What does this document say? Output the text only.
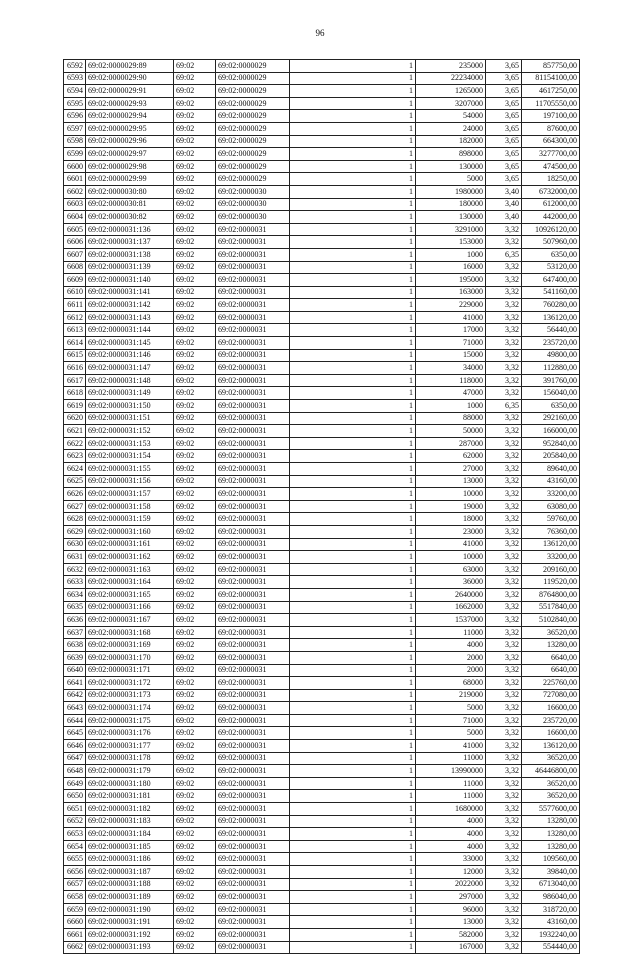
96
6592	69:02:0000029:89	69:02	69:02:0000029	1	235000	3,65	857750,00
6593	69:02:0000029:90	69:02	69:02:0000029	1	22234000	3,65	81154100,00
6594	69:02:0000029:91	69:02	69:02:0000029	1	1265000	3,65	4617250,00
6595	69:02:0000029:93	69:02	69:02:0000029	1	3207000	3,65	11705550,00
6596	69:02:0000029:94	69:02	69:02:0000029	1	54000	3,65	197100,00
6597	69:02:0000029:95	69:02	69:02:0000029	1	24000	3,65	87600,00
6598	69:02:0000029:96	69:02	69:02:0000029	1	182000	3,65	664300,00
6599	69:02:0000029:97	69:02	69:02:0000029	1	898000	3,65	3277700,00
6600	69:02:0000029:98	69:02	69:02:0000029	1	130000	3,65	474500,00
6601	69:02:0000029:99	69:02	69:02:0000029	1	5000	3,65	18250,00
6602	69:02:0000030:80	69:02	69:02:0000030	1	1980000	3,40	6732000,00
6603	69:02:0000030:81	69:02	69:02:0000030	1	180000	3,40	612000,00
6604	69:02:0000030:82	69:02	69:02:0000030	1	130000	3,40	442000,00
6605	69:02:0000031:136	69:02	69:02:0000031	1	3291000	3,32	10926120,00
6606	69:02:0000031:137	69:02	69:02:0000031	1	153000	3,32	507960,00
6607	69:02:0000031:138	69:02	69:02:0000031	1	1000	6,35	6350,00
6608	69:02:0000031:139	69:02	69:02:0000031	1	16000	3,32	53120,00
6609	69:02:0000031:140	69:02	69:02:0000031	1	195000	3,32	647400,00
6610	69:02:0000031:141	69:02	69:02:0000031	1	163000	3,32	541160,00
6611	69:02:0000031:142	69:02	69:02:0000031	1	229000	3,32	760280,00
6612	69:02:0000031:143	69:02	69:02:0000031	1	41000	3,32	136120,00
6613	69:02:0000031:144	69:02	69:02:0000031	1	17000	3,32	56440,00
6614	69:02:0000031:145	69:02	69:02:0000031	1	71000	3,32	235720,00
6615	69:02:0000031:146	69:02	69:02:0000031	1	15000	3,32	49800,00
6616	69:02:0000031:147	69:02	69:02:0000031	1	34000	3,32	112880,00
6617	69:02:0000031:148	69:02	69:02:0000031	1	118000	3,32	391760,00
6618	69:02:0000031:149	69:02	69:02:0000031	1	47000	3,32	156040,00
6619	69:02:0000031:150	69:02	69:02:0000031	1	1000	6,35	6350,00
6620	69:02:0000031:151	69:02	69:02:0000031	1	88000	3,32	292160,00
6621	69:02:0000031:152	69:02	69:02:0000031	1	50000	3,32	166000,00
6622	69:02:0000031:153	69:02	69:02:0000031	1	287000	3,32	952840,00
6623	69:02:0000031:154	69:02	69:02:0000031	1	62000	3,32	205840,00
6624	69:02:0000031:155	69:02	69:02:0000031	1	27000	3,32	89640,00
6625	69:02:0000031:156	69:02	69:02:0000031	1	13000	3,32	43160,00
6626	69:02:0000031:157	69:02	69:02:0000031	1	10000	3,32	33200,00
6627	69:02:0000031:158	69:02	69:02:0000031	1	19000	3,32	63080,00
6628	69:02:0000031:159	69:02	69:02:0000031	1	18000	3,32	59760,00
6629	69:02:0000031:160	69:02	69:02:0000031	1	23000	3,32	76360,00
6630	69:02:0000031:161	69:02	69:02:0000031	1	41000	3,32	136120,00
6631	69:02:0000031:162	69:02	69:02:0000031	1	10000	3,32	33200,00
6632	69:02:0000031:163	69:02	69:02:0000031	1	63000	3,32	209160,00
6633	69:02:0000031:164	69:02	69:02:0000031	1	36000	3,32	119520,00
6634	69:02:0000031:165	69:02	69:02:0000031	1	2640000	3,32	8764800,00
6635	69:02:0000031:166	69:02	69:02:0000031	1	1662000	3,32	5517840,00
6636	69:02:0000031:167	69:02	69:02:0000031	1	1537000	3,32	5102840,00
6637	69:02:0000031:168	69:02	69:02:0000031	1	11000	3,32	36520,00
6638	69:02:0000031:169	69:02	69:02:0000031	1	4000	3,32	13280,00
6639	69:02:0000031:170	69:02	69:02:0000031	1	2000	3,32	6640,00
6640	69:02:0000031:171	69:02	69:02:0000031	1	2000	3,32	6640,00
6641	69:02:0000031:172	69:02	69:02:0000031	1	68000	3,32	225760,00
6642	69:02:0000031:173	69:02	69:02:0000031	1	219000	3,32	727080,00
6643	69:02:0000031:174	69:02	69:02:0000031	1	5000	3,32	16600,00
6644	69:02:0000031:175	69:02	69:02:0000031	1	71000	3,32	235720,00
6645	69:02:0000031:176	69:02	69:02:0000031	1	5000	3,32	16600,00
6646	69:02:0000031:177	69:02	69:02:0000031	1	41000	3,32	136120,00
6647	69:02:0000031:178	69:02	69:02:0000031	1	11000	3,32	36520,00
6648	69:02:0000031:179	69:02	69:02:0000031	1	13990000	3,32	46446800,00
6649	69:02:0000031:180	69:02	69:02:0000031	1	11000	3,32	36520,00
6650	69:02:0000031:181	69:02	69:02:0000031	1	11000	3,32	36520,00
6651	69:02:0000031:182	69:02	69:02:0000031	1	1680000	3,32	5577600,00
6652	69:02:0000031:183	69:02	69:02:0000031	1	4000	3,32	13280,00
6653	69:02:0000031:184	69:02	69:02:0000031	1	4000	3,32	13280,00
6654	69:02:0000031:185	69:02	69:02:0000031	1	4000	3,32	13280,00
6655	69:02:0000031:186	69:02	69:02:0000031	1	33000	3,32	109560,00
6656	69:02:0000031:187	69:02	69:02:0000031	1	12000	3,32	39840,00
6657	69:02:0000031:188	69:02	69:02:0000031	1	2022000	3,32	6713040,00
6658	69:02:0000031:189	69:02	69:02:0000031	1	297000	3,32	986040,00
6659	69:02:0000031:190	69:02	69:02:0000031	1	96000	3,32	318720,00
6660	69:02:0000031:191	69:02	69:02:0000031	1	13000	3,32	43160,00
6661	69:02:0000031:192	69:02	69:02:0000031	1	582000	3,32	1932240,00
6662	69:02:0000031:193	69:02	69:02:0000031	1	167000	3,32	554440,00
